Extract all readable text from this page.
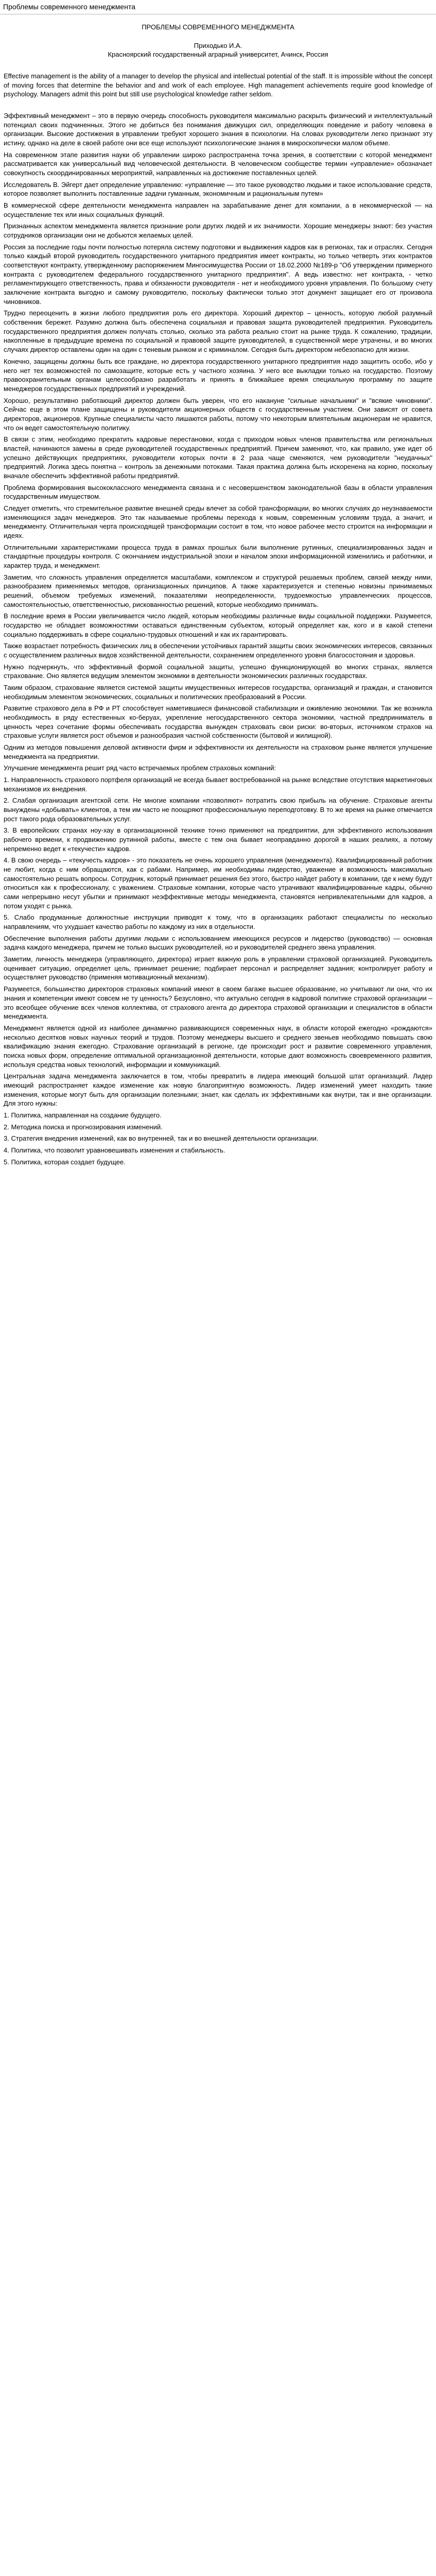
Проблемы современного менеджмента

ПРОБЛЕМЫ СОВРЕМЕННОГО МЕНЕДЖМЕНТА

Приходько И.А.

Красноярский государственный аграрный университет, Ачинск, Россия

Effective management is the ability of a manager to develop the physical and intellectual potential of the staff. It is impossible without the concept of moving forces that determine the behavior and and work of each employee. High management achievements require good knowledge of psychology. Managers admit this point but still use psychological knowledge rather seldom.

Эффективный менеджмент – это в первую очередь способность руководителя максимально раскрыть физический и интеллектуальный потенциал своих подчиненных. Этого не добиться без понимания движущих сил, определяющих поведение и работу человека в организации. Высокие достижения в управлении требуют хорошего знания в психологии. На словах руководители легко признают эту истину, однако на деле в своей работе они все еще используют психологические знания в микроскопически малом объеме.

На современном этапе развития науки об управлении широко распространена точка зрения, в соответствии с которой менеджмент рассматривается как универсальный вид человеческой деятельности. В человеческом сообществе термин «управление» обозначает совокупность скоординированных мероприятий, направленных на достижение поставленных целей.

Исследователь В. Эйгерт дает определение управлению: «управление — это такое руководство людьми и такое использование средств, которое позволяет выполнить поставленные задачи гуманным, экономичным и рациональным путем»

В коммерческой сфере деятельности менеджмента направлен на зарабатывание денег для компании, а в некоммерческой — на осуществление тех или иных социальных функций.

Признанных аспектом менеджмента является признание роли других людей и их значимости. Хорошие менеджеры знают: без участия сотрудников организации они не добьются желаемых целей.

Россия за последние годы почти полностью потеряла систему подготовки и выдвижения кадров как в регионах, так и отраслях. Сегодня только каждый второй руководитель государственного унитарного предприятия имеет контракты, но только четверть этих контрактов соответствуют контракту, утвержденному распоряжением Мингосимущества России от 18.02.2000 №189-р "Об утверждении примерного контракта с руководителем федерального государственного унитарного предприятия". А ведь известно: нет контракта, - четко регламентирующего ответственность, права и обязанности руководителя - нет и необходимого уровня управления. По большому счету заключение контракта выгодно и самому руководителю, поскольку фактически только этот документ защищает его от произвола чиновников.

Трудно переоценить в жизни любого предприятия роль его директора. Хороший директор – ценность, которую любой разумный собственник бережет. Разумно должна быть обеспечена социальная и правовая защита руководителей предприятия. Руководитель государственного предприятия должен получать столько, сколько эта работа реально стоит на рынке труда. К сожалению, традиции, накопленные в предыдущие времена по социальной и правовой защите руководителей, в существенной мере утрачены, и во многих случаях директор оставлены один на один с теневым рынком и с криминалом. Сегодня быть директором небезопасно для жизни.

Конечно, защищены должны быть все граждане, но директора государственного унитарного предприятия надо защитить особо, ибо у него нет тех возможностей по самозащите, которые есть у частного хозяина. У него все выкладки только на государство. Поэтому правоохранительным органам целесообразно разработать и принять в ближайшее время специальную программу по защите менеджеров государственных предприятий и учреждений.

Хорошо, результативно работающий директор должен быть уверен, что его накануне "сильные начальники" и "всякие чиновники". Сейчас еще в этом плане защищены и руководители акционерных обществ с государственным участием. Они зависят от совета директоров, акционеров. Крупные специалисты часто лишаются работы, потому что некоторым влиятельным акционерам не нравится, что он ведет самостоятельную политику.

В связи с этим, необходимо прекратить кадровые перестановки, когда с приходом новых членов правительства или региональных властей, начинаются замены в среде руководителей государственных предприятий. Причем заменяют, что, как правило, уже идет об успешно действующих предприятиях, руководители которых почти в 2 раза чаще сменяются, чем руководители "неудачных" предприятий. Логика здесь понятна – контроль за денежными потоками. Такая практика должна быть искоренена на корню, поскольку вначале обеспечить эффективной работы предприятий.

Проблема формирования высококлассного менеджмента связана и с несовершенством законодательной базы в области управления государственным имуществом.

Следует отметить, что стремительное развитие внешней среды влечет за собой трансформации, во многих случаях до неузнаваемости изменяющихся задач менеджеров. Это так называемые проблемы перехода к новым, современным условиям труда, а значит, и менеджменту. Отличительная черта происходящей трансформации состоит в том, что новое рабочее место строится на информации и идеях.

Отличительными характеристиками процесса труда в рамках прошлых были выполнение рутинных, специализированных задач и стандартные процедуры контроля. С окончанием индустриальной эпохи и началом эпохи информационной изменились и работники, и характер труда, и менеджмент.

Заметим, что сложность управления определяется масштабами, комплексом и структурой решаемых проблем, связей между ними, разнообразием применяемых методов, организационных принципов. А также характеризуется и степенью новизны принимаемых решений, объемом требуемых изменений, показателями неопределенности, трудоемкостью управленческих процессов, самостоятельностью, ответственностью, рискованностью решений, которые необходимо принимать.

В последние время в России увеличивается число людей, которым необходимы различные виды социальной поддержки. Разумеется, государство не обладает возможностями оставаться единственным субъектом, который определяет как, кого и в какой степени социально поддерживать в сфере социально-трудовых отношений и как их гарантировать.

Также возрастает потребность физических лиц в обеспечении устойчивых гарантий защиты своих экономических интересов, связанных с осуществлением различных видов хозяйственной деятельности, сохранением определенного уровня благосостояния и здоровья.

Нужно подчеркнуть, что эффективный формой социальной защиты, успешно функционирующей во многих странах, является страхование. Оно является ведущим элементом экономики в деятельности экономических различных государствах.

Таким образом, страхование является системой защиты имущественных интересов государства, организаций и граждан, и становится необходимым элементом экономических, социальных и политических преобразований в России.

Развитие страхового дела в РФ и РТ способствует наметившиеся финансовой стабилизации и оживлению экономики. Так же возникла необходимость в ряду естественных ко-беруах, укрепление негосударственного сектора экономики, частной предприниматель в ценность через сочетание формы обеспечивать государства вынужден страховать свои риски: во-вторых, источником страхов на страховые услуги является рост объемов и разнообразия частной собственности (бытовой и жилищной).

Одним из методов повышения деловой активности фирм и эффективности их деятельности на страховом рынке является улучшение менеджмента на предприятии.

Улучшение менеджмента решит ряд часто встречаемых проблем страховых компаний:

1. Направленность страхового портфеля организаций не всегда бывает востребованной на рынке вследствие отсутствия маркетинговых механизмов их внедрения.

2. Слабая организация агентской сети. Не многие компании «позволяют» потратить свою прибыль на обучение. Страховые агенты вынуждены «добывать» клиентов, а тем им часто не поощряют профессиональную переподготовку. В то же время на рынке отмечается рост такого рода образовательных услуг.

3. В европейских странах ноу-хау в организационной технике точно применяют на предприятии, для эффективного использования рабочего времени, к продвижению рутинной работы, вместе с тем она бывает неоправданно дорогой в наших реалиях, а потому непременно ведет к «текучести» кадров.

4. В свою очередь – «текучесть кадров» - это показатель не очень хорошего управления (менеджмента). Квалифицированный работник не любит, когда с ним обращаются, как с рабами. Например, им необходимы лидерство, уважение и возможность максимально самостоятельно решать вопросы. Сотрудник, который принимает решения без этого, быстро найдет работу в компании, где к нему будут относиться как к профессионалу, с уважением. Страховые компании, которые часто утрачивают квалифицированные кадры, обычно сами непрерывно несут убытки и принимают неэффективные методы менеджмента, становятся непривлекательными для кадров, а потом уходят с рынка.

5. Слабо продуманные должностные инструкции приводят к тому, что в организациях работают специалисты по несколько направлениям, что ухудшает качество работы по каждому из них в отдельности.

Обеспечение выполнения работы другими людьми с использованием имеющихся ресурсов и лидерство (руководство) — основная задача каждого менеджера, причем не только высших руководителей, но и руководителей среднего звена управления.

Заметим, личность менеджера (управляющего, директора) играет важную роль в управлении страховой организацией. Руководитель оценивает ситуацию, определяет цель, принимает решение; подбирает персонал и распределяет задания; контролирует работу и осуществляет руководство (применяя мотивационный механизм).

Разумеется, большинство директоров страховых компаний имеют в своем багаже высшее образование, но учитывают ли они, что их знания и компетенции имеют совсем не ту ценность? Безусловно, что актуально сегодня в кадровой политике страховой организации – это всеобщее обучение всех членов коллектива, от страхового агента до директора страховой организации и специалистов в области менеджмента.

Менеджмент является одной из наиболее динамично развивающихся современных наук, в области которой ежегодно «рождаются» несколько десятков новых научных теорий и трудов. Поэтому менеджеры высшего и среднего звеньев необходимо повышать свою квалификацию знания ежегодно. Страхование организаций в регионе, где происходит рост и развитие современного управления, поиска новых форм, определение оптимальной организационной деятельности, которые дают возможность своевременного развития, используя средства новых технологий, информации и коммуникаций.

Центральная задача менеджмента заключается в том, чтобы превратить в лидера имеющий большой штат организаций. Лидер имеющий распространяет каждое изменение как новую благоприятную возможность. Лидер изменений умеет находить такие изменения, которые могут быть для организации полезными; знает, как сделать их эффективными как внутри, так и вне организации. Для этого нужны:

1. Политика, направленная на создание будущего.

2. Методика поиска и прогнозирования изменений.

3. Стратегия внедрения изменений, как во внутренней, так и во внешней деятельности организации.

4. Политика, что позволит уравновешивать изменения и стабильность.

5. Политика, которая создает будущее.
